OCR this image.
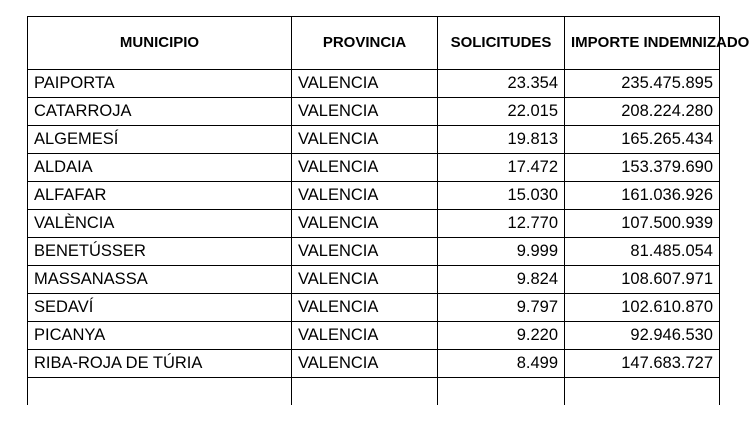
MUNICIPIO	PROVINCIA	SOLICITUDES	IMPORTE INDEMNIZADO
PAIPORTA	VALENCIA	23.354	235.475.895
CATARROJA	VALENCIA	22.015	208.224.280
ALGEMESÍ	VALENCIA	19.813	165.265.434
ALDAIA	VALENCIA	17.472	153.379.690
ALFAFAR	VALENCIA	15.030	161.036.926
VALÈNCIA	VALENCIA	12.770	107.500.939
BENETÚSSER	VALENCIA	9.999	81.485.054
MASSANASSA	VALENCIA	9.824	108.607.971
SEDAVÍ	VALENCIA	9.797	102.610.870
PICANYA	VALENCIA	9.220	92.946.530
RIBA-ROJA DE TÚRIA	VALENCIA	8.499	147.683.727
